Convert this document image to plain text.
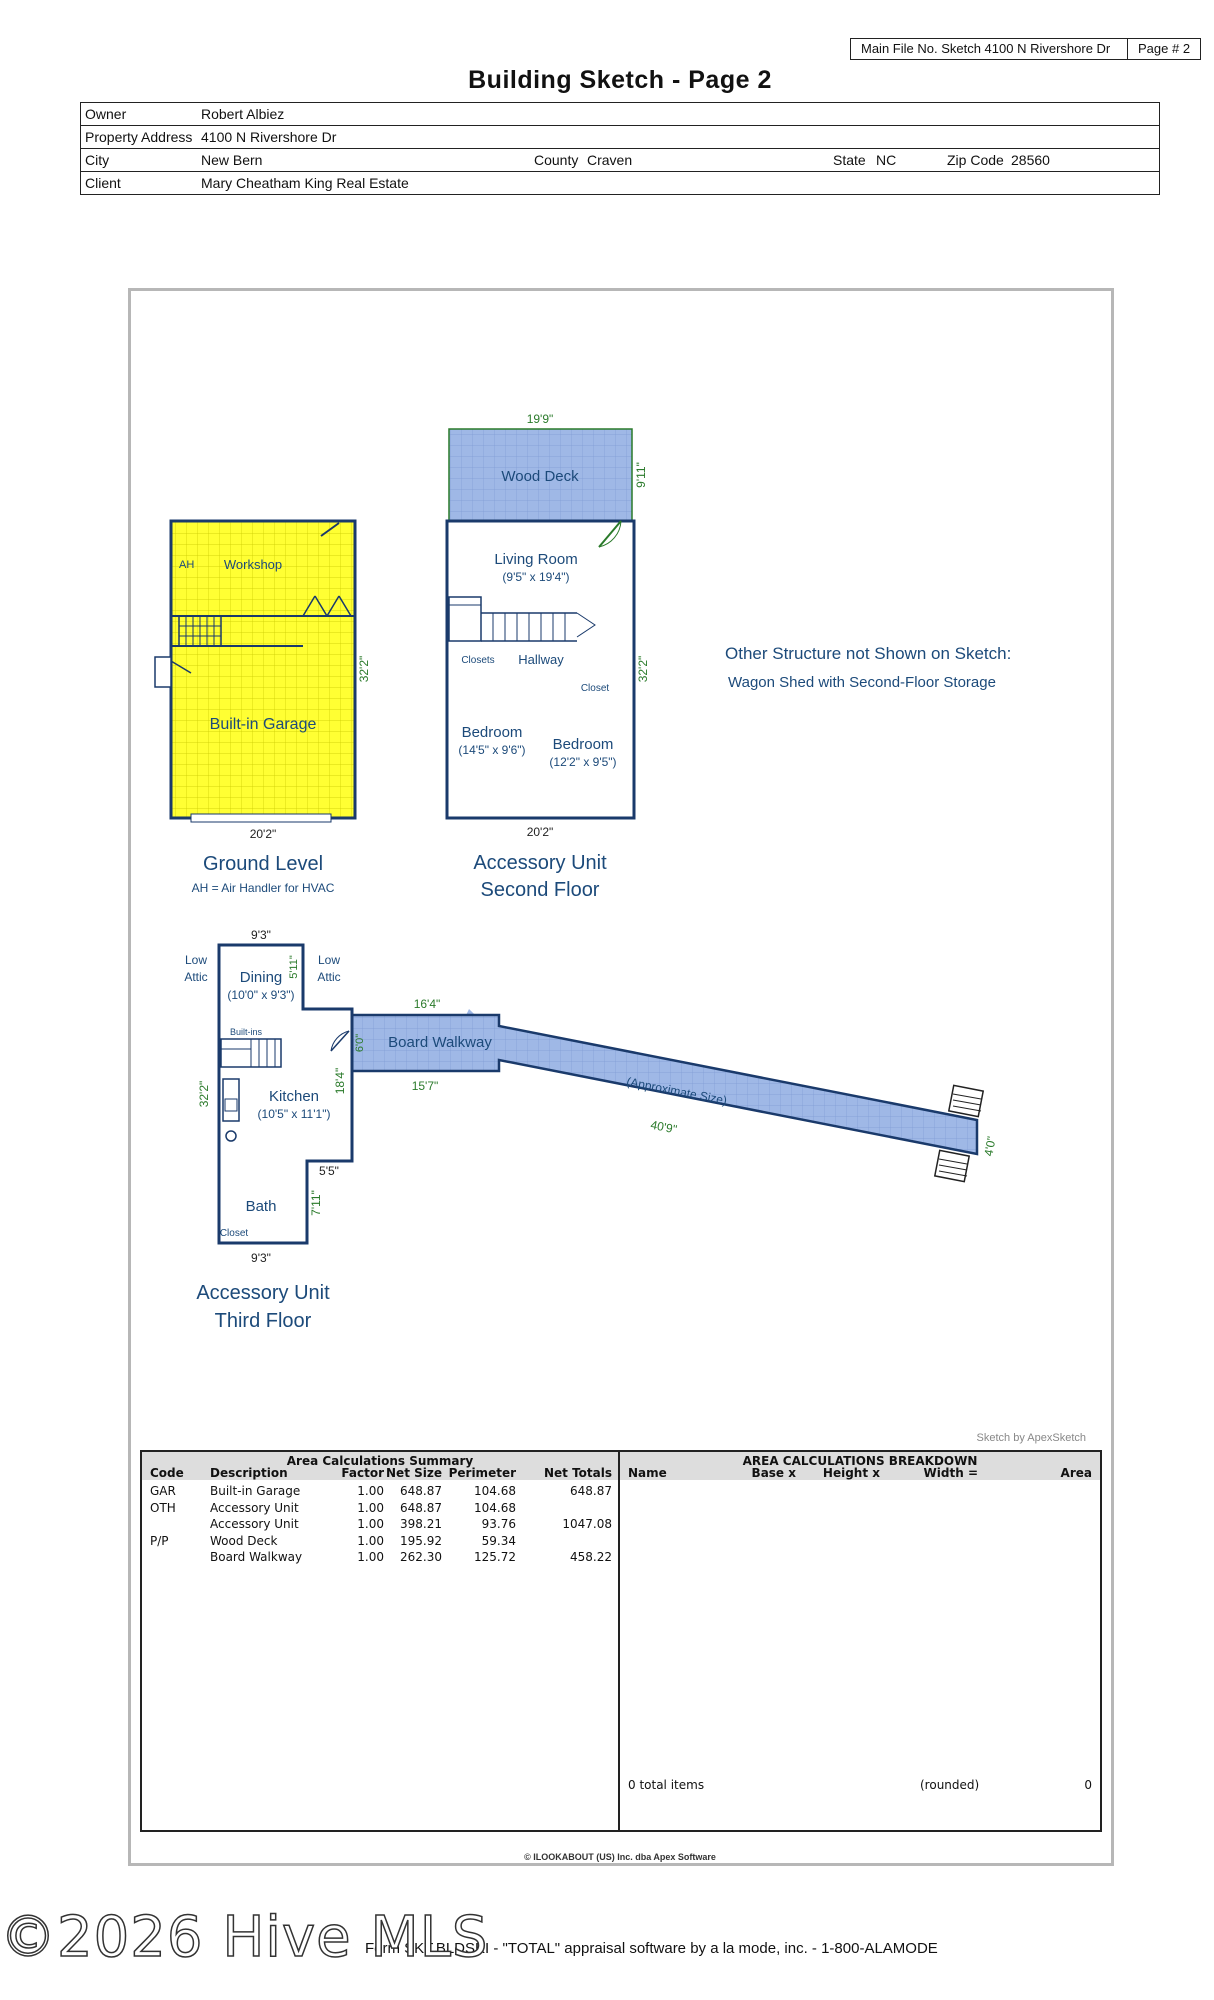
Main File No. Sketch 4100 N Rivershore Dr	Page # 2
Building Sketch - Page 2
Owner	Robert Albiez
Property Address 4100 N Rivershore Dr
City	New Bern	County Craven	State NC	Zip Code 28560
Client	Mary Cheatham King Real Estate
AH Workshop
Built-in Garage
20'2"
32'2"
Ground Level
AH = Air Handler for HVAC
Wood Deck
19'9"
9'11"
Living Room
(9'5" x 19'4")
Closets Hallway
Closet
Bedroom
(14'5" x 9'6") Bedroom
(12'2" x 9'5")
32'2"
20'2"
Accessory Unit
Second Floor
Other Structure not Shown on Sketch:
Wagon Shed with Second-Floor Storage
9'3"
Low Attic
Low Attic
Dining
(10'0" x 9'3")
5'11"
Built-ins
Kitchen
(10'5" x 11'1")
32'2"	18'4"
6'0"
5'5"
7'11"
Bath
Closet
9'3"
Board Walkway
16'4"
15'7"	(Approximate Size)
40'9"
4'0"
Accessory Unit
Third Floor
Sketch by ApexSketch
Area Calculations Summary
Code Description	Factor Net Size Perimeter	Net Totals
GAR	Built-in Garage	1.00	648.87	104.68	648.87
OTH	Accessory Unit	1.00	648.87	104.68
Accessory Unit	1.00	398.21	93.76	1047.08
P/P	Wood Deck	1.00	195.92	59.34
Board Walkway	1.00	262.30	125.72	458.22
AREA CALCULATIONS BREAKDOWN
Name	Base x	Height x	Width =	Area
0 total items	(rounded)	0
© ILOOKABOUT (US) Inc. dba Apex Software
Form SKT.BLDSKI - "TOTAL" appraisal software by a la mode, inc. - 1-800-ALAMODE
©2026 Hive MLS
